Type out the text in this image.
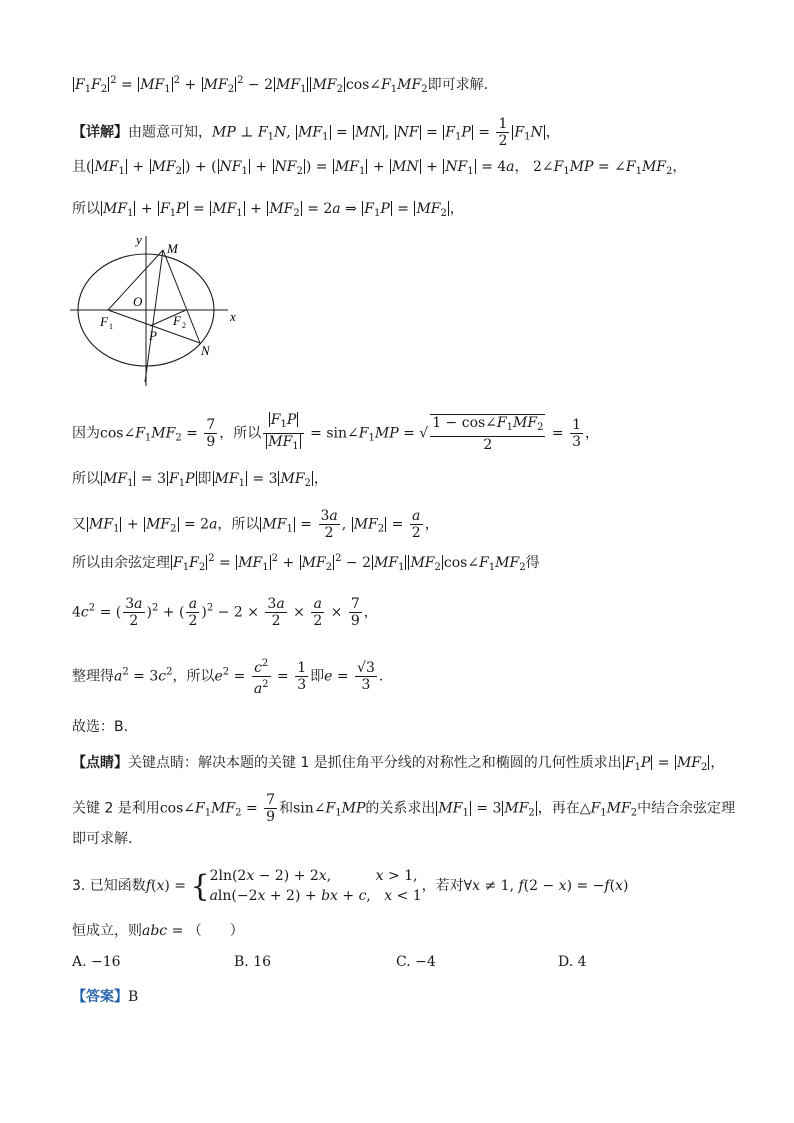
$F_1F_2^2 = MF_1^2 + MF_2^2 - 2$ $MF_1$ $MF_2$ $\cos\angle F_1MF_2$即可求解.
【详解】由题意可知，MP ⊥ $F_1N$, $MF_1$ = MN , NF = $F_1P = \frac{1}{2} F_1N$ ，
且( $MF_1 + MF_2$ ) + ( $NF_1 + NF_2$ ) = $MF_1$ + MN + $NF_1 = 4a$， $2\angle F_1MP$ = $\angle F_1MF_2$，
所以 $MF_1 + F_1P = MF_1 + MF_2 = 2a$ ⇒ $F_1P = MF_2$ ，
y
M
O
F 1	F 2
x
P
N
因为$\cos\angle F_1MF_2 = \frac{7}{9}$ ，所以 $\frac{F_1P}{MF_1}$ = $\sin\angle F_1MP$ = √ $\frac{1 - \cos\angle F_1MF_2}{2} = \frac{1}{3}$ ，
所以 $MF_1 = 3$ $F_1P$ 即 $MF_1 = 3$ $MF_2$ ，
又 $MF_1 + MF_2 = 2a$，所以 $MF_1 = \frac{3a}{2}$ , $MF_2 = \frac{a}{2}$ ，
所以由余弦定理 $F_1F_2^2 = MF_1^2 + MF_2^2 - 2$ $MF_1$ $MF_2$ $\cos\angle F_1MF_2$得
$4c^2$ = ( $\frac{3a}{2} )^2$ + ( $\frac{a}{2} )^2 - 2 \times \frac{3a}{2} \times \frac{a}{2} \times \frac{7}{9}$ ，
整理得$a^2 = 3c^2$，所以$e^2 = \frac{c^2}{a^2} = \frac{1}{3}$ 即$e = \frac{√3}{3}$ .
故选：B.
【点睛】关键点睛：解决本题的关键 1 是抓住角平分线的对称性之和椭圆的几何性质求出 $F_1P = MF_2$ ，
关键 2 是利用$\cos\angle F_1MF_2 = \frac{7}{9}$ 和$\sin\angle F_1MP$的关系求出 $MF_1 = 3$ $MF_2$ ，再在$\triangle F_1MF_2$中结合余弦定理
即可求解.
3. 已知函数f(x) = { 2ln(2x − 2) + 2x,          x > 1,
aln(−2x + 2) + bx + c,   x < 1
，若对∀x ≠ 1, f(2 − x) = −f(x)
恒成立，则abc = （　　）
A. −16	B. 16	C. −4	D. 4
【答案】B
